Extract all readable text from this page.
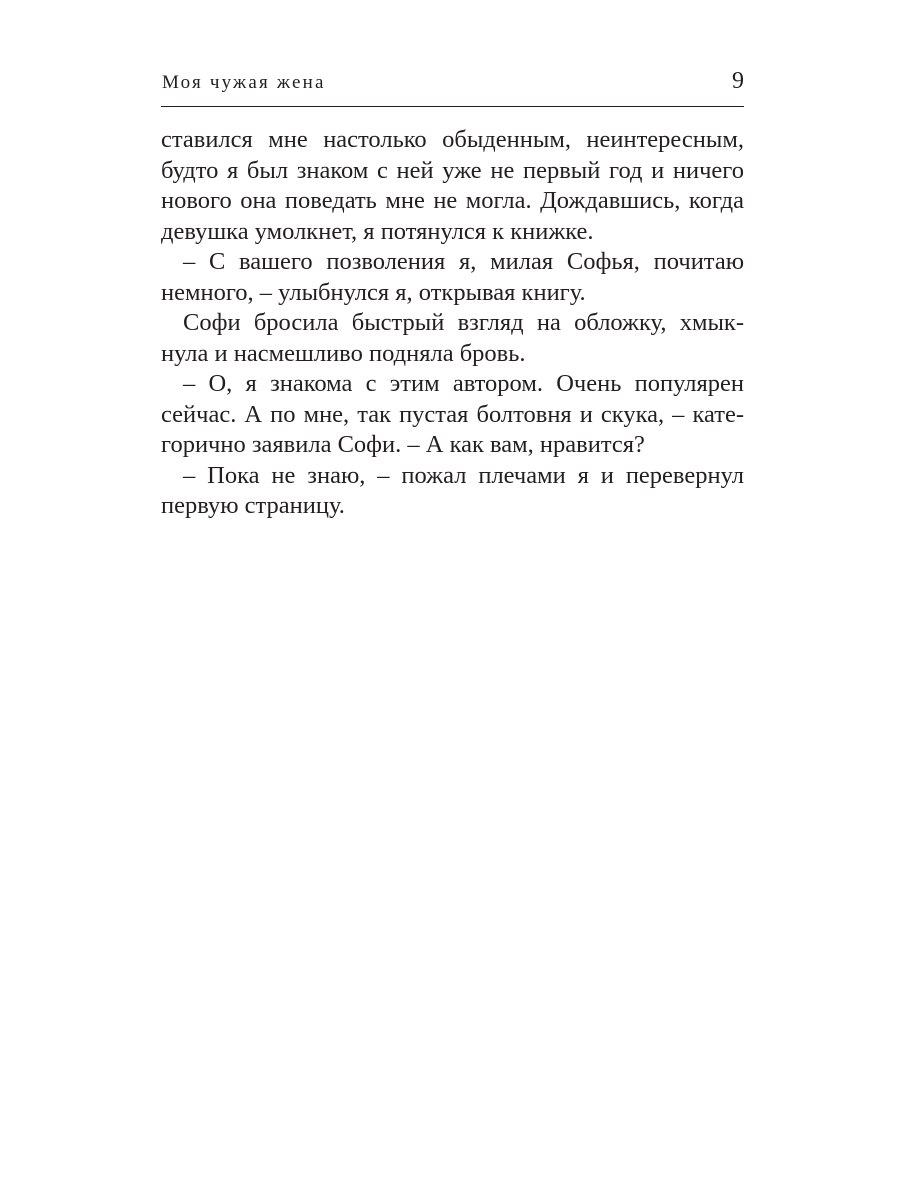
Моя чужая жена	9
ставился мне настолько обыденным, неинтересным,
будто я был знаком с ней уже не первый год и ничего
нового она поведать мне не могла. Дождавшись, когда
девушка умолкнет, я потянулся к книжке.
– С вашего позволения я, милая Софья, почитаю
немного, – улыбнулся я, открывая книгу.
Софи бросила быстрый взгляд на обложку, хмык-
нула и насмешливо подняла бровь.
– О, я знакома с этим автором. Очень популярен
сейчас. А по мне, так пустая болтовня и скука, – кате-
горично заявила Софи. – А как вам, нравится?
– Пока не знаю, – пожал плечами я и перевернул
первую страницу.
